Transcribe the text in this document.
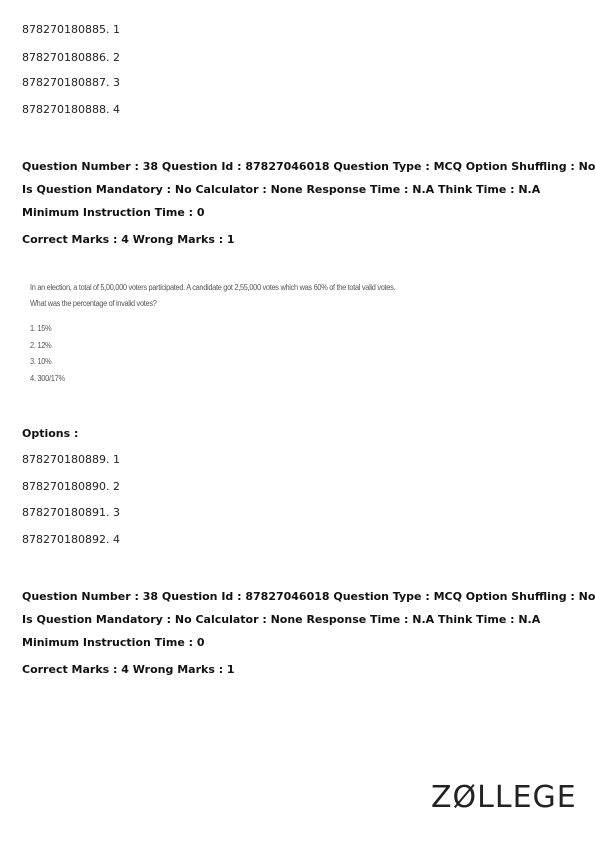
878270180885. 1
878270180886. 2
878270180887. 3
878270180888. 4
Question Number : 38 Question Id : 87827046018 Question Type : MCQ Option Shuffling : No
Is Question Mandatory : No Calculator : None Response Time : N.A Think Time : N.A
Minimum Instruction Time : 0
Correct Marks : 4 Wrong Marks : 1
In an election, a total of 5,00,000 voters participated. A candidate got 2,55,000 votes which was 60% of the total valid votes.
What was the percentage of invalid votes?
1. 15%
2. 12%
3. 10%
4. 300/17%
Options :
878270180889. 1
878270180890. 2
878270180891. 3
878270180892. 4
Question Number : 38 Question Id : 87827046018 Question Type : MCQ Option Shuffling : No
Is Question Mandatory : No Calculator : None Response Time : N.A Think Time : N.A
Minimum Instruction Time : 0
Correct Marks : 4 Wrong Marks : 1
ZØLLEGE
